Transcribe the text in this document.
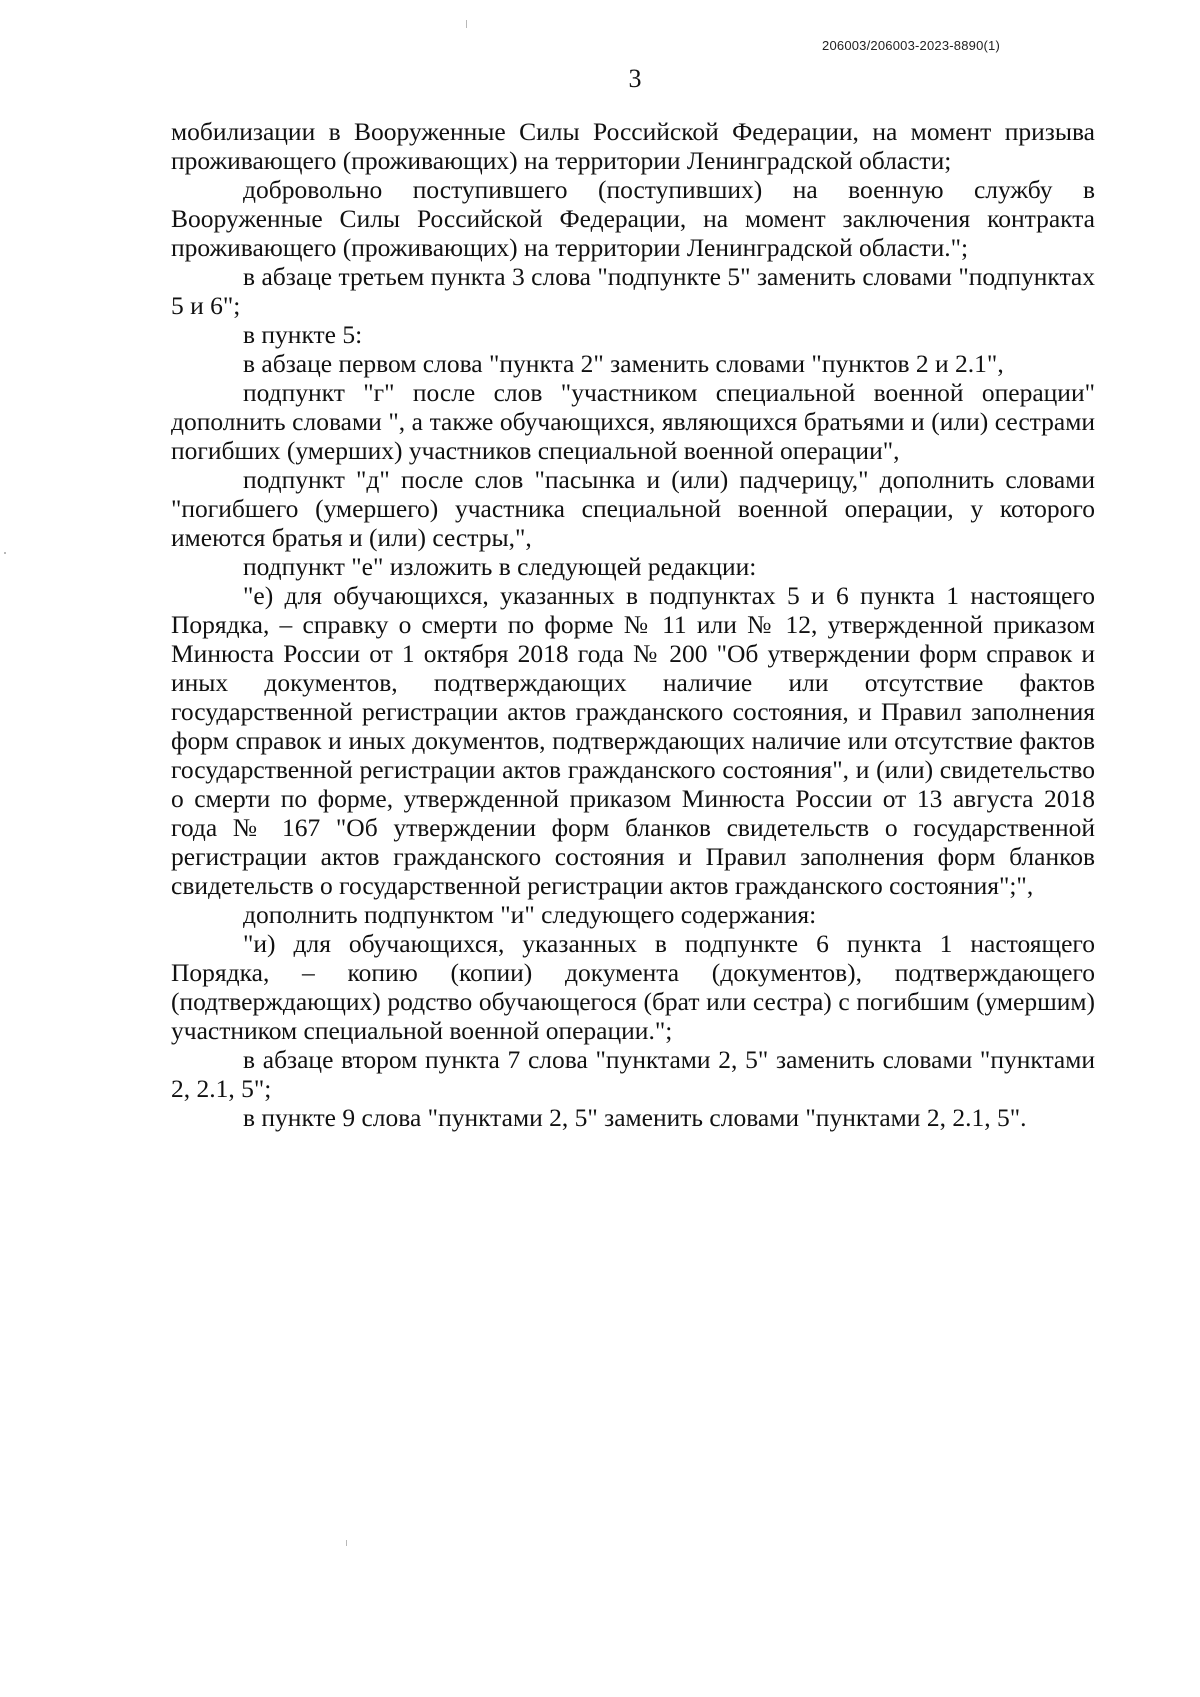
206003/206003-2023-8890(1)
3

мобилизации в Вооруженные Силы Российской Федерации, на момент призыва проживающего (проживающих) на территории Ленинградской области;

добровольно поступившего (поступивших) на военную службу в Вооруженные Силы Российской Федерации, на момент заключения контракта проживающего (проживающих) на территории Ленинградской области.";

в абзаце третьем пункта 3 слова "подпункте 5" заменить словами "подпунктах 5 и 6";

в пункте 5:

в абзаце первом слова "пункта 2" заменить словами "пунктов 2 и 2.1",

подпункт "г" после слов "участником специальной военной операции" дополнить словами ", а также обучающихся, являющихся братьями и (или) сестрами погибших (умерших) участников специальной военной операции",

подпункт "д" после слов "пасынка и (или) падчерицу," дополнить словами "погибшего (умершего) участника специальной военной операции, у которого имеются братья и (или) сестры,",

подпункт "е" изложить в следующей редакции:

"е) для обучающихся, указанных в подпунктах 5 и 6 пункта 1 настоящего Порядка, – справку о смерти по форме № 11 или № 12, утвержденной приказом Минюста России от 1 октября 2018 года № 200 "Об утверждении форм справок и иных документов, подтверждающих наличие или отсутствие фактов государственной регистрации актов гражданского состояния, и Правил заполнения форм справок и иных документов, подтверждающих наличие или отсутствие фактов государственной регистрации актов гражданского состояния", и (или) свидетельство о смерти по форме, утвержденной приказом Минюста России от 13 августа 2018 года № 167 "Об утверждении форм бланков свидетельств о государственной регистрации актов гражданского состояния и Правил заполнения форм бланков свидетельств о государственной регистрации актов гражданского состояния";",

дополнить подпунктом "и" следующего содержания:

"и) для обучающихся, указанных в подпункте 6 пункта 1 настоящего Порядка, – копию (копии) документа (документов), подтверждающего (подтверждающих) родство обучающегося (брат или сестра) с погибшим (умершим) участником специальной военной операции.";

в абзаце втором пункта 7 слова "пунктами 2, 5" заменить словами "пунктами 2, 2.1, 5";

в пункте 9 слова "пунктами 2, 5" заменить словами "пунктами 2, 2.1, 5".
